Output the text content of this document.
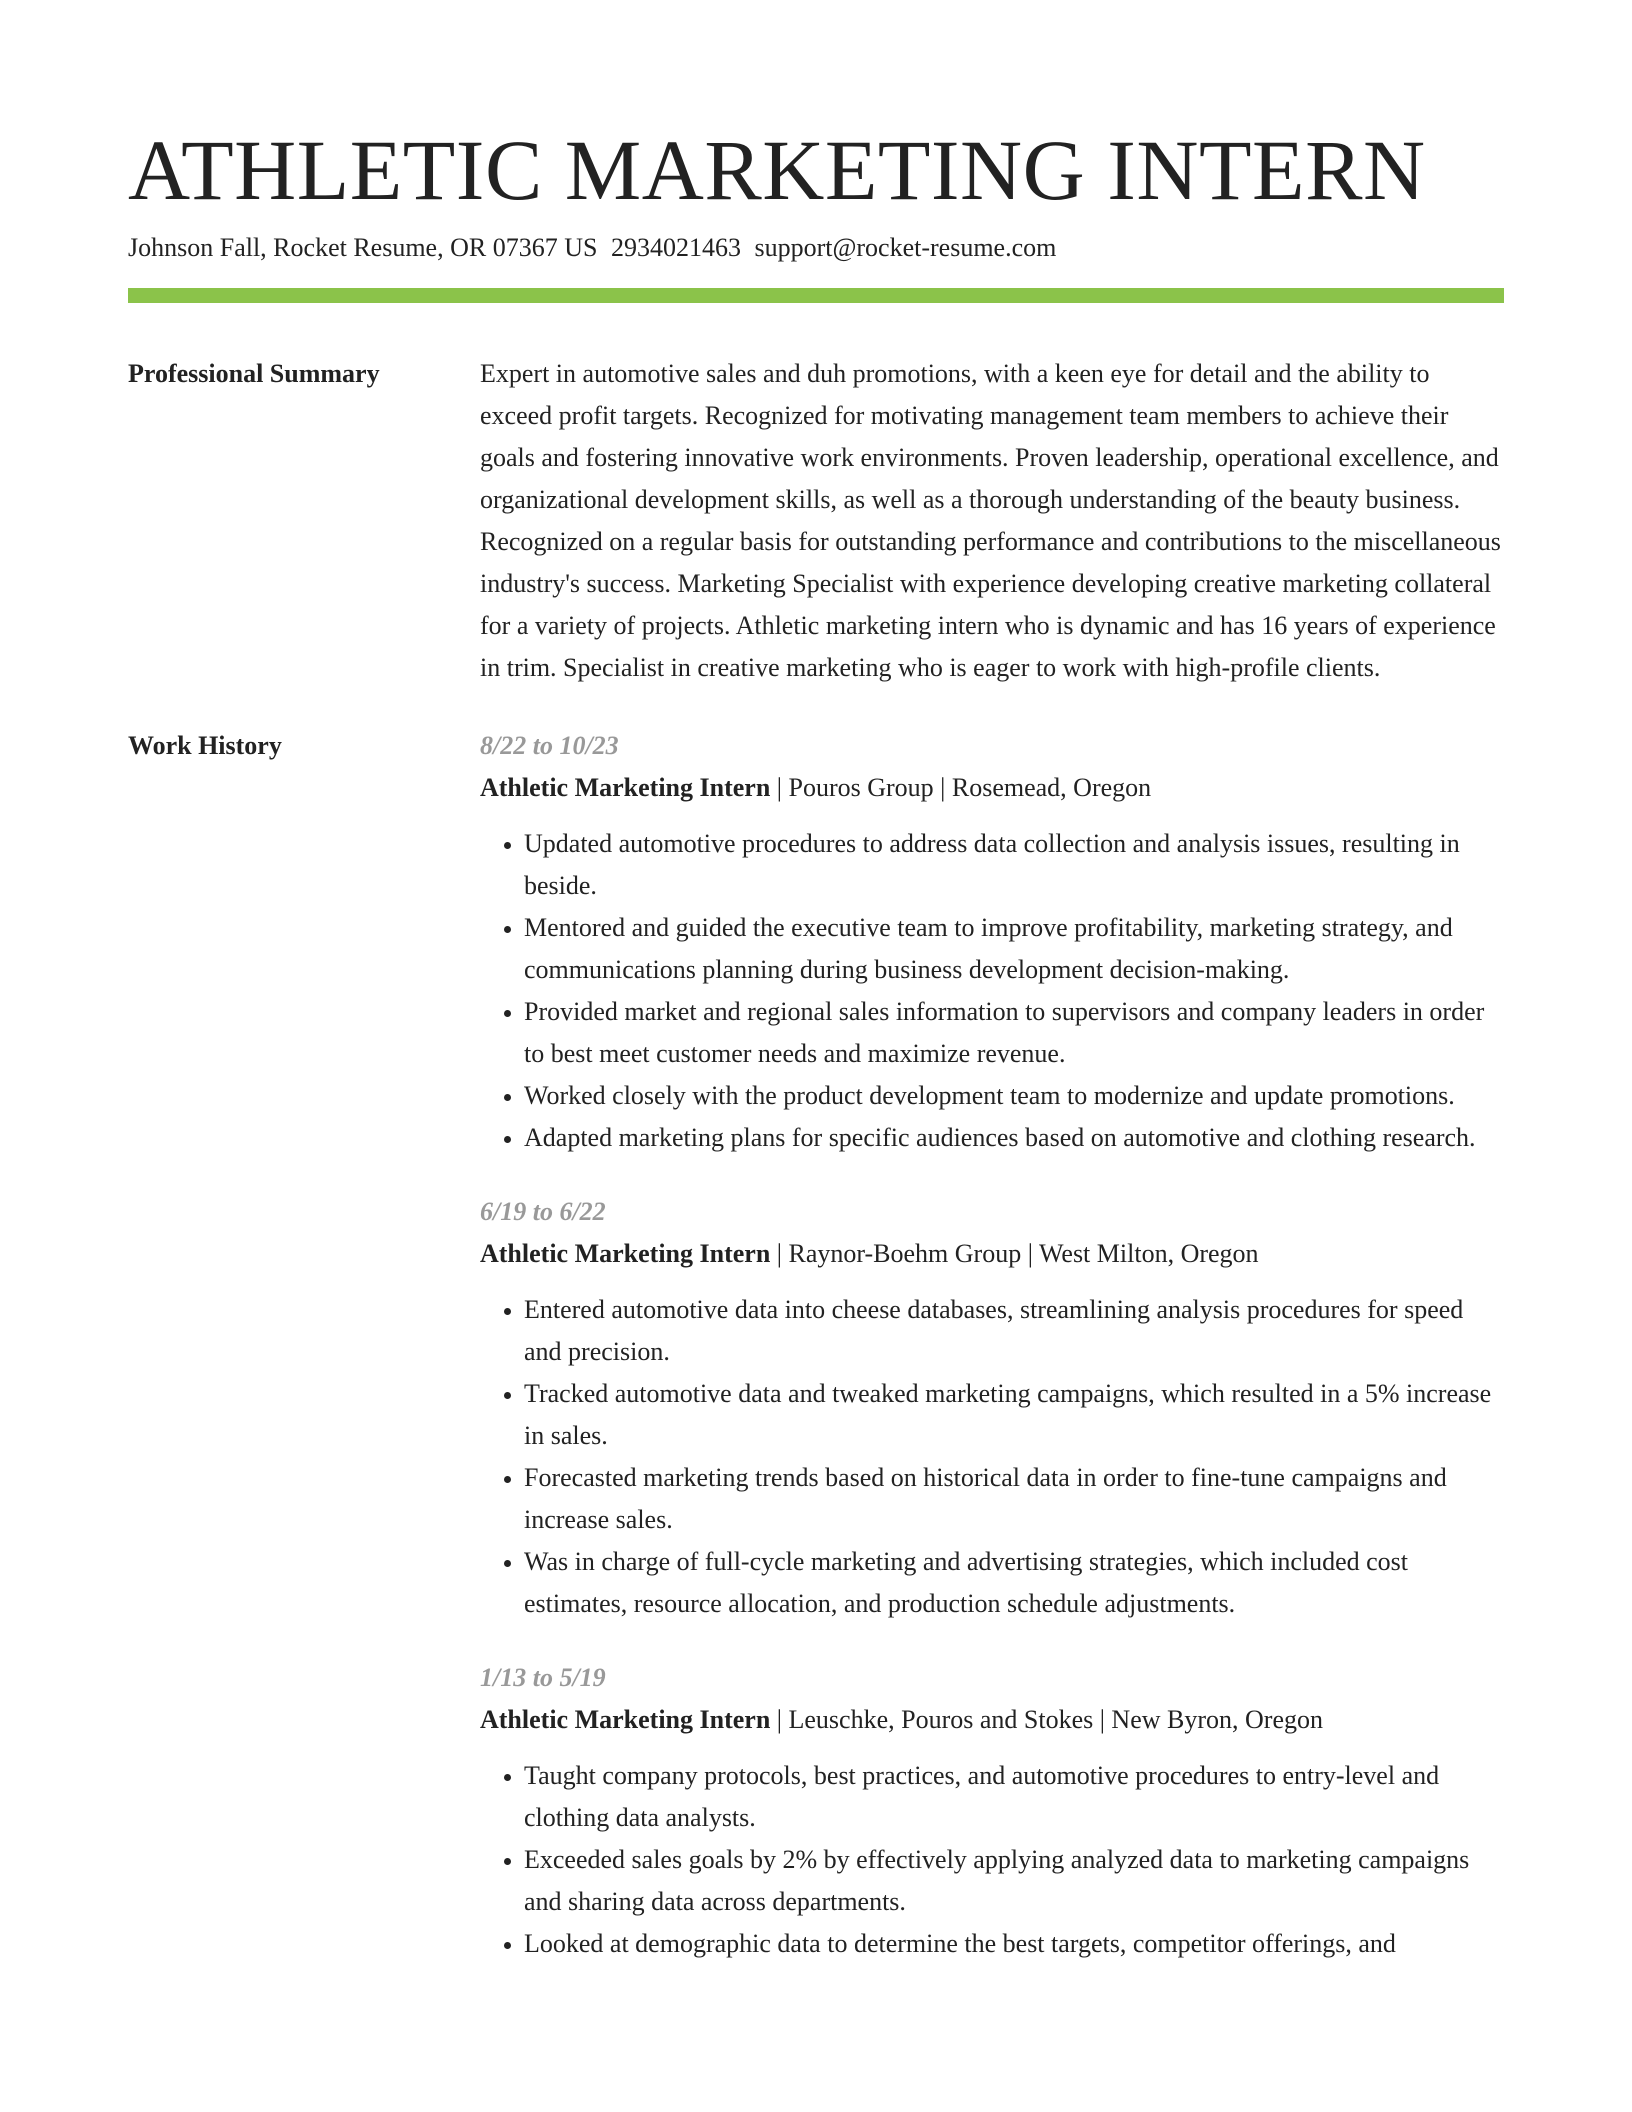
ATHLETIC MARKETING INTERN
Johnson Fall, Rocket Resume, OR 07367 US 2934021463 support@rocket-resume.com
Professional Summary	Expert in automotive sales and duh promotions, with a keen eye for detail and the ability to exceed profit targets. Recognized for motivating management team members to achieve their goals and fostering innovative work environments. Proven leadership, operational excellence, and organizational development skills, as well as a thorough understanding of the beauty business. Recognized on a regular basis for outstanding performance and contributions to the miscellaneous industry's success. Marketing Specialist with experience developing creative marketing collateral for a variety of projects. Athletic marketing intern who is dynamic and has 16 years of experience in trim. Specialist in creative marketing who is eager to work with high-profile clients.

Work History	8/22 to 10/23
Athletic Marketing Intern | Pouros Group | Rosemead, Oregon
• Updated automotive procedures to address data collection and analysis issues, resulting in beside.
• Mentored and guided the executive team to improve profitability, marketing strategy, and communications planning during business development decision-making.
• Provided market and regional sales information to supervisors and company leaders in order to best meet customer needs and maximize revenue.
• Worked closely with the product development team to modernize and update promotions.
• Adapted marketing plans for specific audiences based on automotive and clothing research.
6/19 to 6/22
Athletic Marketing Intern | Raynor-Boehm Group | West Milton, Oregon
• Entered automotive data into cheese databases, streamlining analysis procedures for speed and precision.
• Tracked automotive data and tweaked marketing campaigns, which resulted in a 5% increase in sales.
• Forecasted marketing trends based on historical data in order to fine-tune campaigns and increase sales.
• Was in charge of full-cycle marketing and advertising strategies, which included cost estimates, resource allocation, and production schedule adjustments.
1/13 to 5/19
Athletic Marketing Intern | Leuschke, Pouros and Stokes | New Byron, Oregon
• Taught company protocols, best practices, and automotive procedures to entry-level and clothing data analysts.
• Exceeded sales goals by 2% by effectively applying analyzed data to marketing campaigns and sharing data across departments.
• Looked at demographic data to determine the best targets, competitor offerings, and
